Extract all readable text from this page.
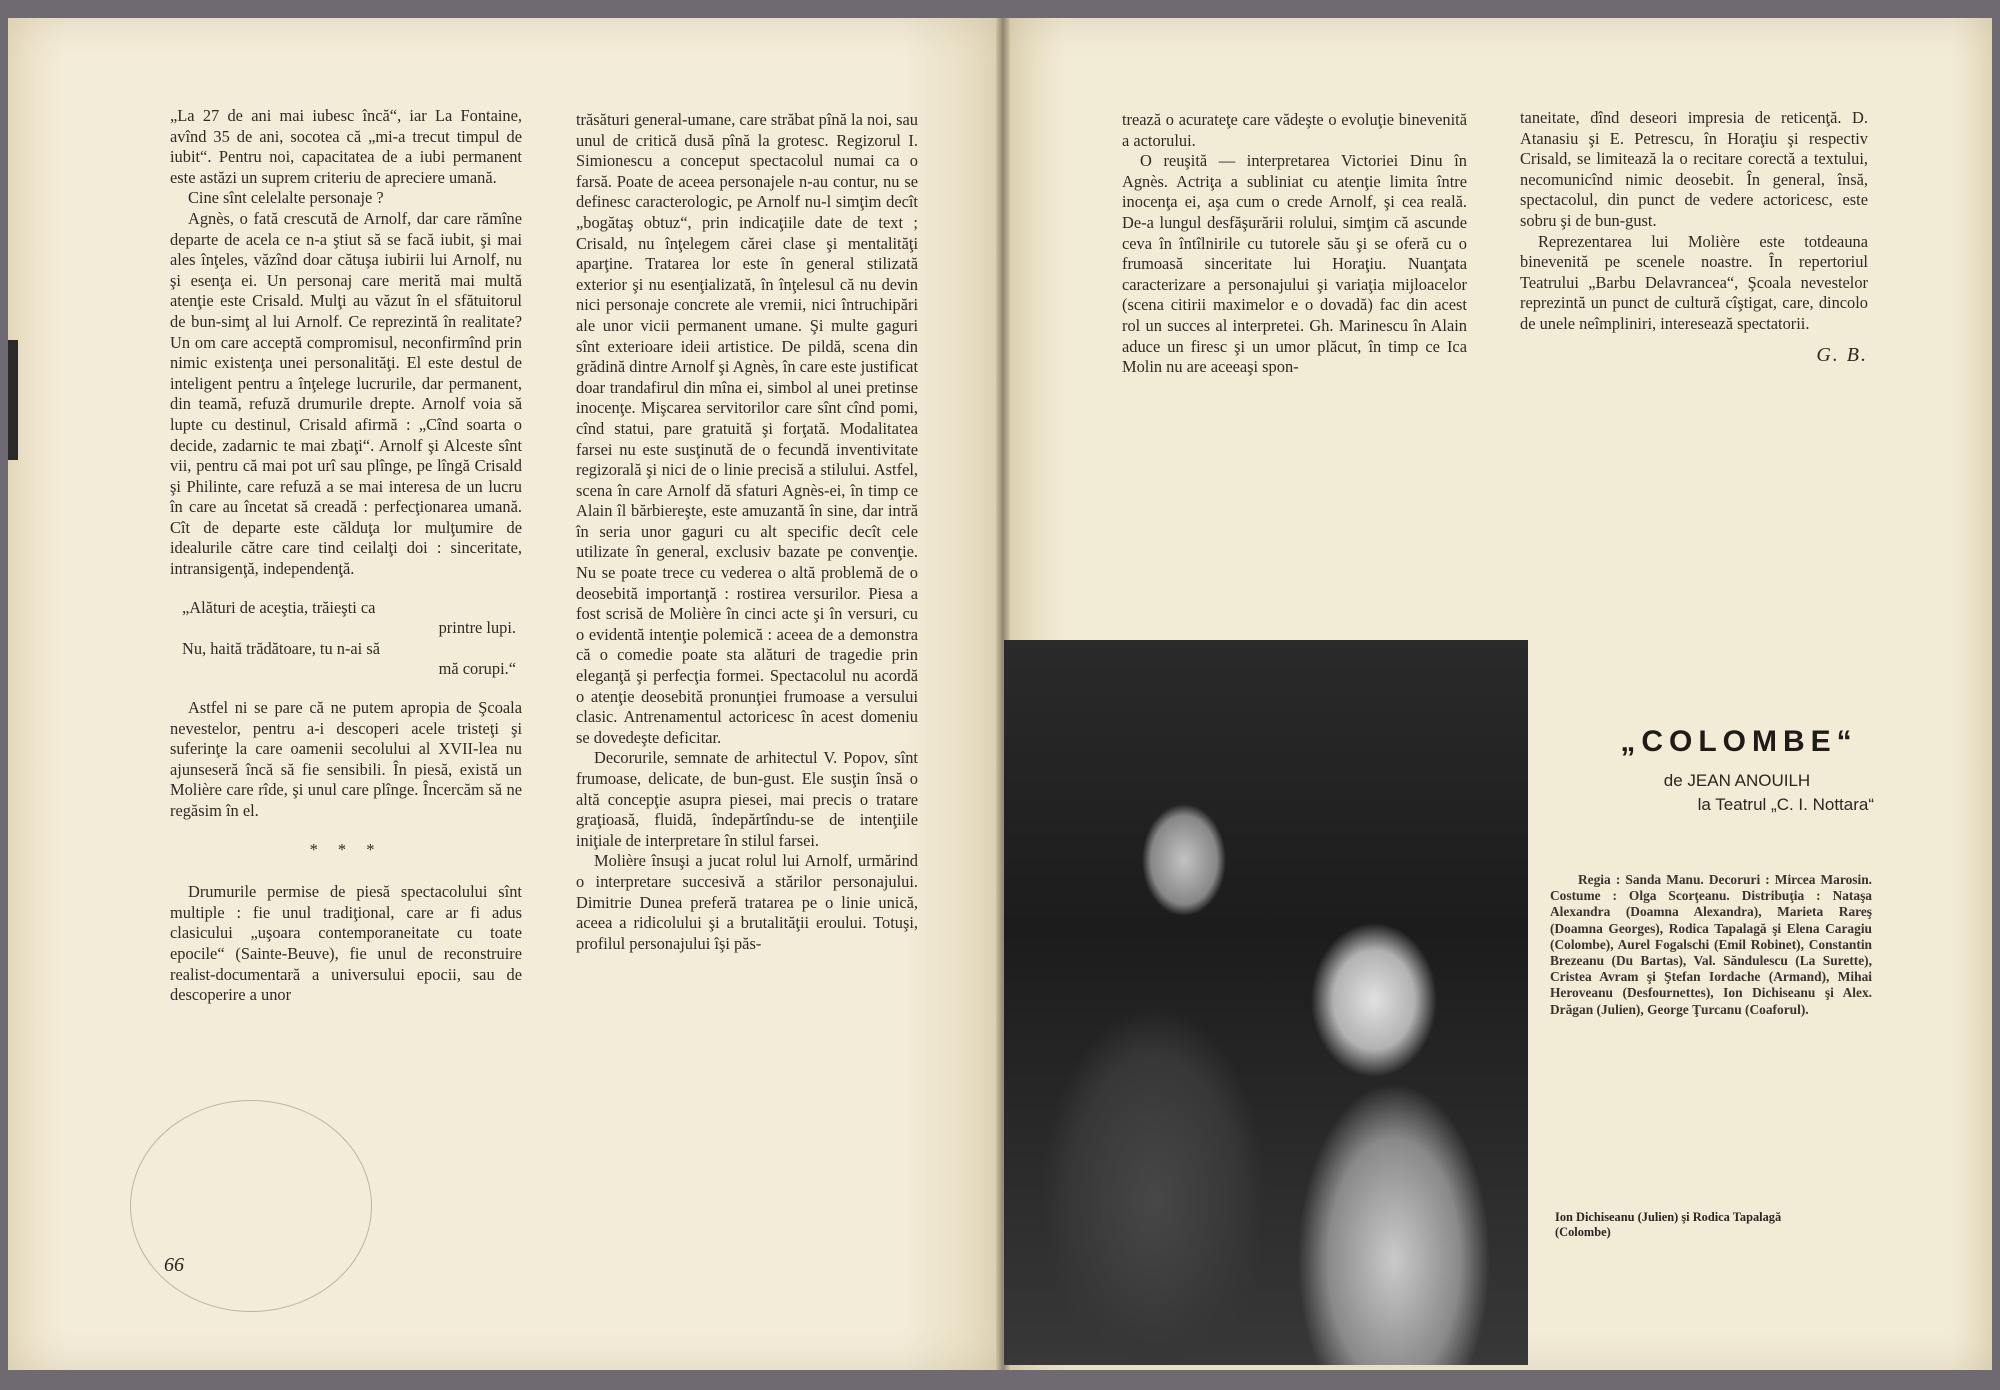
„La 27 de ani mai iubesc încă“, iar La Fontaine, avînd 35 de ani, socotea că „mi-a trecut timpul de iubit“. Pentru noi, capacitatea de a iubi permanent este astăzi un suprem criteriu de apreciere umană.

Cine sînt celelalte personaje ?

Agnès, o fată crescută de Arnolf, dar care rămîne departe de acela ce n-a ştiut să se facă iubit, şi mai ales înţeles, văzînd doar cătuşa iubirii lui Arnolf, nu şi esenţa ei. Un personaj care merită mai multă atenţie este Crisald. Mulţi au văzut în el sfătuitorul de bun-simţ al lui Arnolf. Ce reprezintă în realitate? Un om care acceptă compromisul, neconfirmînd prin nimic existenţa unei personalităţi. El este destul de inteligent pentru a înţelege lucrurile, dar permanent, din teamă, refuză drumurile drepte. Arnolf voia să lupte cu destinul, Crisald afirmă : „Cînd soarta o decide, zadarnic te mai zbaţi“. Arnolf şi Alceste sînt vii, pentru că mai pot urî sau plînge, pe lîngă Crisald şi Philinte, care refuză a se mai interesa de un lucru în care au încetat să creadă : perfecţionarea umană. Cît de departe este călduţa lor mulţumire de idealurile către care tind ceilalţi doi : sinceritate, intransigenţă, independenţă.

„Alături de aceştia, trăieşti ca
printre lupi.
Nu, haită trădătoare, tu n-ai să
mă corupi.“

Astfel ni se pare că ne putem apropia de Şcoala nevestelor, pentru a-i descoperi acele tristeţi şi suferinţe la care oamenii secolului al XVII-lea nu ajunseseră încă să fie sensibili. În piesă, există un Molière care rîde, şi unul care plînge. Încercăm să ne regăsim în el.

* * *

Drumurile permise de piesă spectacolului sînt multiple : fie unul tradiţional, care ar fi adus clasicului „uşoara contemporaneitate cu toate epocile“ (Sainte-Beuve), fie unul de reconstruire realist-documentară a universului epocii, sau de descoperire a unor

trăsături general-umane, care străbat pînă la noi, sau unul de critică dusă pînă la grotesc. Regizorul I. Simionescu a conceput spectacolul numai ca o farsă. Poate de aceea personajele n-au contur, nu se definesc caracterologic, pe Arnolf nu-l simţim decît „bogătaş obtuz“, prin indicaţiile date de text ; Crisald, nu înţelegem cărei clase şi mentalităţi aparţine. Tratarea lor este în general stilizată exterior şi nu esenţializată, în înţelesul că nu devin nici personaje concrete ale vremii, nici întruchipări ale unor vicii permanent umane. Şi multe gaguri sînt exterioare ideii artistice. De pildă, scena din grădină dintre Arnolf şi Agnès, în care este justificat doar trandafirul din mîna ei, simbol al unei pretinse inocenţe. Mişcarea servitorilor care sînt cînd pomi, cînd statui, pare gratuită şi forţată. Modalitatea farsei nu este susţinută de o fecundă inventivitate regizorală şi nici de o linie precisă a stilului. Astfel, scena în care Arnolf dă sfaturi Agnès-ei, în timp ce Alain îl bărbiereşte, este amuzantă în sine, dar intră în seria unor gaguri cu alt specific decît cele utilizate în general, exclusiv bazate pe convenţie. Nu se poate trece cu vederea o altă problemă de o deosebită importanţă : rostirea versurilor. Piesa a fost scrisă de Molière în cinci acte şi în versuri, cu o evidentă intenţie polemică : aceea de a demonstra că o comedie poate sta alături de tragedie prin eleganţă şi perfecţia formei. Spectacolul nu acordă o atenţie deosebită pronunţiei frumoase a versului clasic. Antrenamentul actoricesc în acest domeniu se dovedeşte deficitar.

Decorurile, semnate de arhitectul V. Popov, sînt frumoase, delicate, de bun-gust. Ele susţin însă o altă concepţie asupra piesei, mai precis o tratare graţioasă, fluidă, îndepărtîndu-se de intenţiile iniţiale de interpretare în stilul farsei.

Molière însuşi a jucat rolul lui Arnolf, urmărind o interpretare succesivă a stărilor personajului. Dimitrie Dunea preferă tratarea pe o linie unică, aceea a ridicolului şi a brutalităţii eroului. Totuşi, profilul personajului îşi păs-

66

trează o acurateţe care vădeşte o evoluţie binevenită a actorului.

O reuşită — interpretarea Victoriei Dinu în Agnès. Actriţa a subliniat cu atenţie limita între inocenţa ei, aşa cum o crede Arnolf, şi cea reală. De-a lungul desfăşurării rolului, simţim că ascunde ceva în întîlnirile cu tutorele său şi se oferă cu o frumoasă sinceritate lui Horaţiu. Nuanţata caracterizare a personajului şi variaţia mijloacelor (scena citirii maximelor e o dovadă) fac din acest rol un succes al interpretei. Gh. Marinescu în Alain aduce un firesc şi un umor plăcut, în timp ce Ica Molin nu are aceeaşi spon-

taneitate, dînd deseori impresia de reticenţă. D. Atanasiu şi E. Petrescu, în Horaţiu şi respectiv Crisald, se limitează la o recitare corectă a textului, necomunicînd nimic deosebit. În general, însă, spectacolul, din punct de vedere actoricesc, este sobru şi de bun-gust.

Reprezentarea lui Molière este totdeauna binevenită pe scenele noastre. În repertoriul Teatrului „Barbu Delavrancea“, Şcoala nevestelor reprezintă un punct de cultură cîştigat, care, dincolo de unele neîmpliniri, interesează spectatorii.

G. B.
„COLOMBE“
de JEAN ANOUILH
la Teatrul „C. I. Nottara“
Regia : Sanda Manu. Decoruri : Mircea Marosin. Costume : Olga Scorţeanu. Distribuţia : Nataşa Alexandra (Doamna Alexandra), Marieta Rareş (Doamna Georges), Rodica Tapalagă şi Elena Caragiu (Colombe), Aurel Fogalschi (Emil Robinet), Constantin Brezeanu (Du Bartas), Val. Săndulescu (La Surette), Cristea Avram şi Ştefan Iordache (Armand), Mihai Heroveanu (Desfournettes), Ion Dichiseanu şi Alex. Drăgan (Julien), George Ţurcanu (Coaforul).
Ion Dichiseanu (Julien) şi Rodica Tapalagă (Colombe)
